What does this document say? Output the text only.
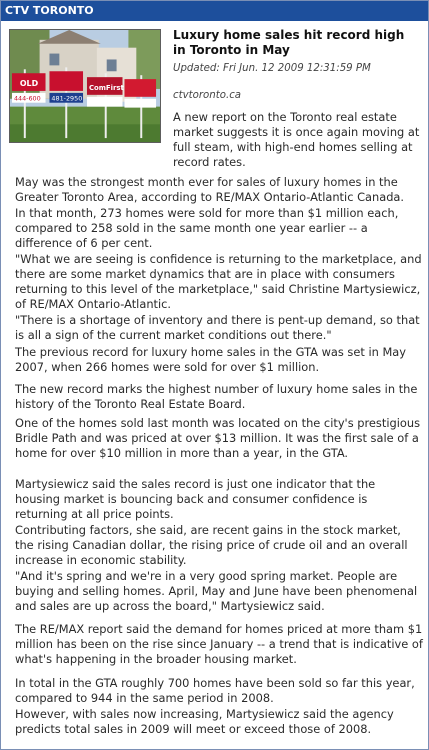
CTV TORONTO
OLD	ComFirst
481-2950
444-600
Luxury home sales hit record high in Toronto in May
Updated: Fri Jun. 12 2009 12:31:59 PM
ctvtoronto.ca
A new report on the Toronto real estate market suggests it is once again moving at full steam, with high-end homes selling at record rates.

May was the strongest month ever for sales of luxury homes in the Greater Toronto Area, according to RE/MAX Ontario-Atlantic Canada.

In that month, 273 homes were sold for more than $1 million each, compared to 258 sold in the same month one year earlier -- a difference of 6 per cent.

"What we are seeing is confidence is returning to the marketplace, and there are some market dynamics that are in place with consumers returning to this level of the marketplace," said Christine Martysiewicz, of RE/MAX Ontario-Atlantic.

"There is a shortage of inventory and there is pent-up demand, so that is all a sign of the current market conditions out there."

The previous record for luxury home sales in the GTA was set in May 2007, when 266 homes were sold for over $1 million.

The new record marks the highest number of luxury home sales in the history of the Toronto Real Estate Board.

One of the homes sold last month was located on the city's prestigious Bridle Path and was priced at over $13 million. It was the first sale of a home for over $10 million in more than a year, in the GTA.

Martysiewicz said the sales record is just one indicator that the housing market is bouncing back and consumer confidence is returning at all price points.

Contributing factors, she said, are recent gains in the stock market, the rising Canadian dollar, the rising price of crude oil and an overall increase in economic stability.

"And it's spring and we're in a very good spring market. People are buying and selling homes. April, May and June have been phenomenal and sales are up across the board," Martysiewicz said.

The RE/MAX report said the demand for homes priced at more tham $1 million has been on the rise since January -- a trend that is indicative of what's happening in the broader housing market.

In total in the GTA roughly 700 homes have been sold so far this year, compared to 944 in the same period in 2008.

However, with sales now increasing, Martysiewicz said the agency predicts total sales in 2009 will meet or exceed those of 2008.
